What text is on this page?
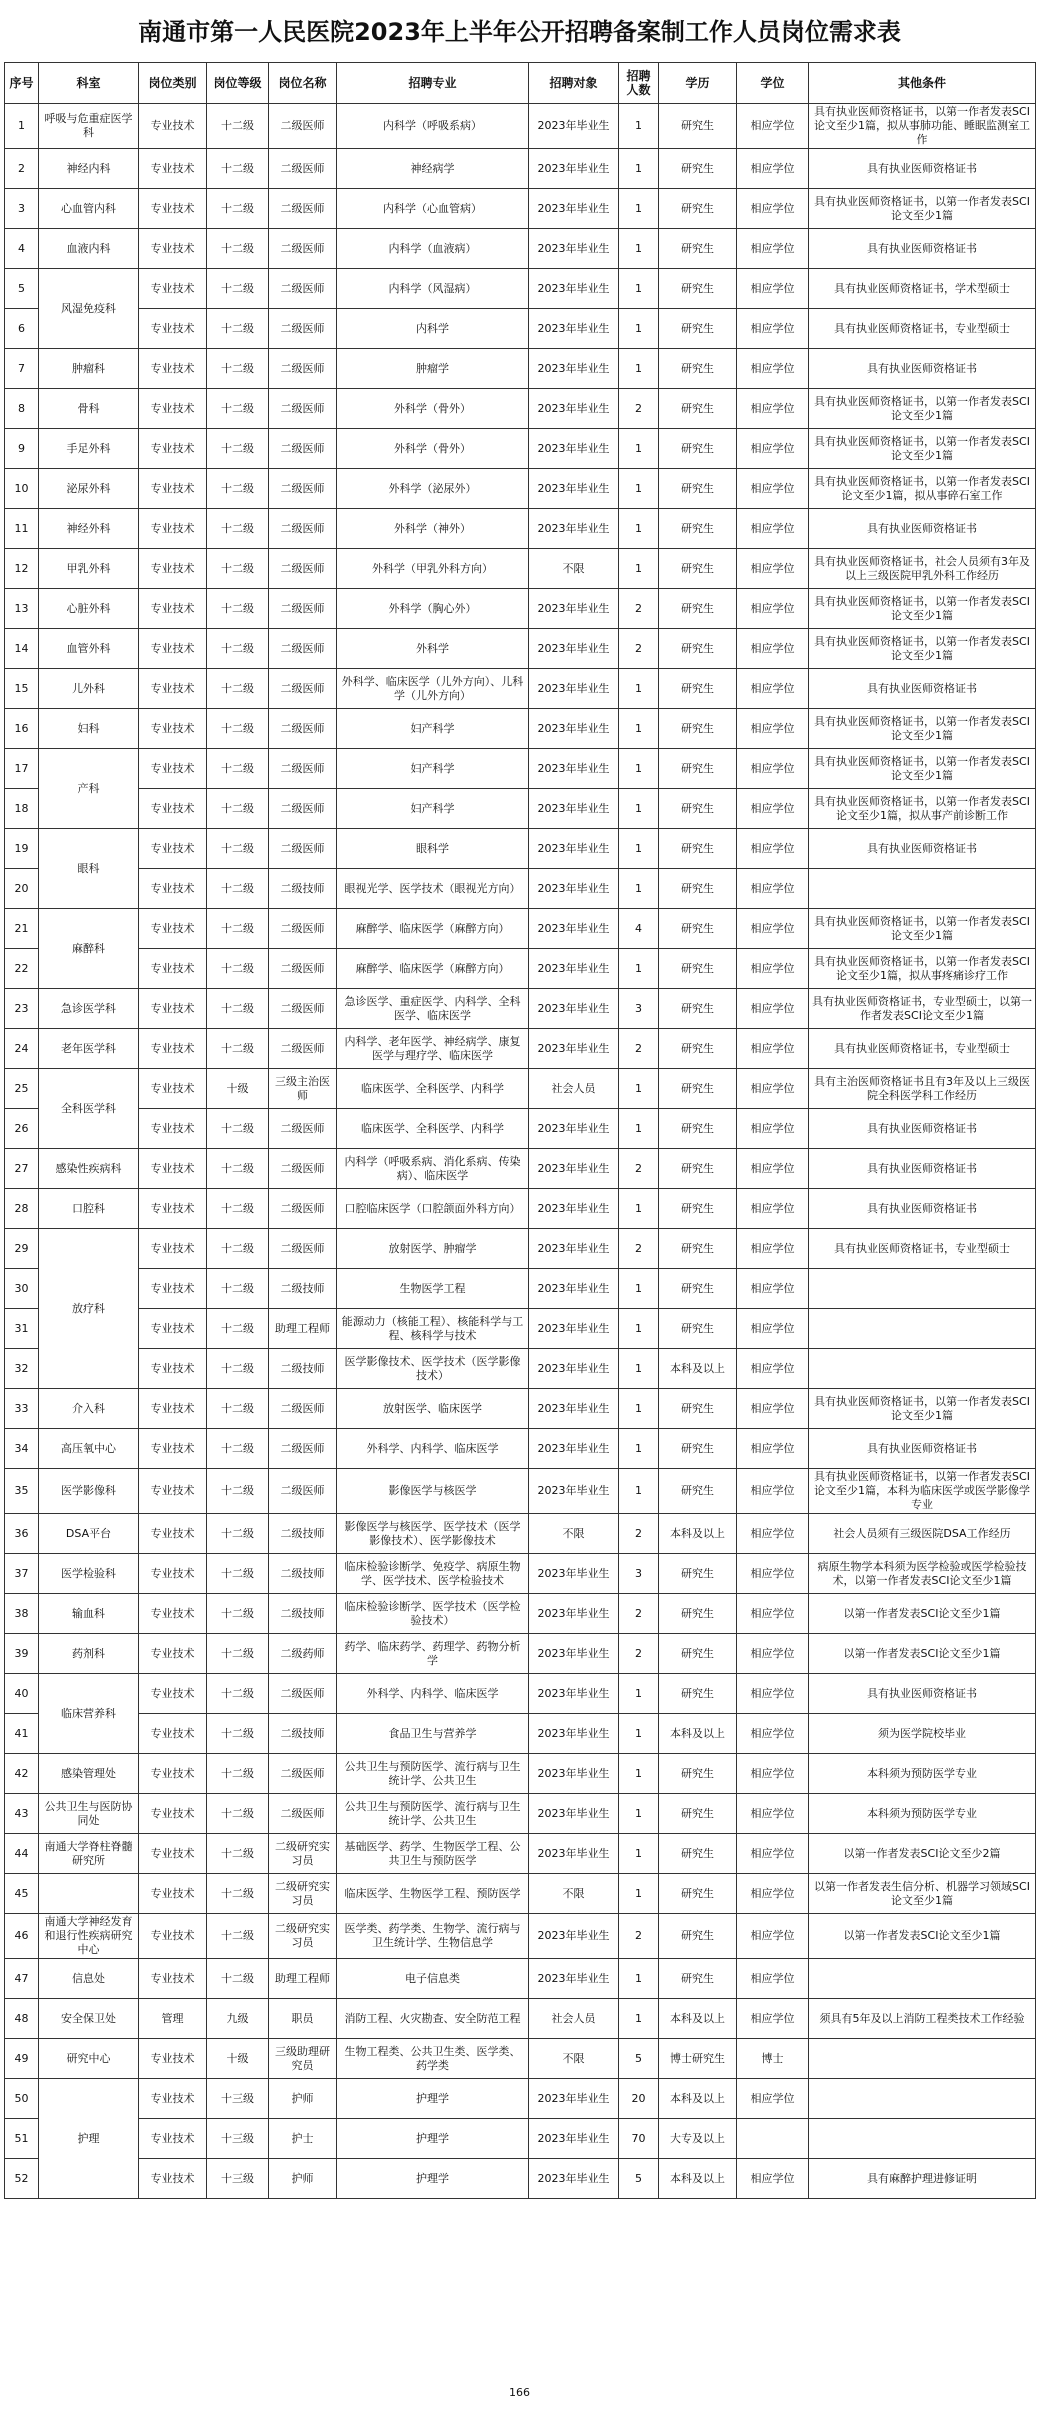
南通市第一人民医院2023年上半年公开招聘备案制工作人员岗位需求表
序号	科室	岗位类别	岗位等级	岗位名称	招聘专业	招聘对象	招聘人数	学历	学位	其他条件
1	呼吸与危重症医学科	专业技术	十二级	二级医师	内科学（呼吸系病）	2023年毕业生	1	研究生	相应学位	具有执业医师资格证书，以第一作者发表SCI论文至少1篇，拟从事肺功能、睡眠监测室工作
2	神经内科	专业技术	十二级	二级医师	神经病学	2023年毕业生	1	研究生	相应学位	具有执业医师资格证书
3	心血管内科	专业技术	十二级	二级医师	内科学（心血管病）	2023年毕业生	1	研究生	相应学位	具有执业医师资格证书，以第一作者发表SCI论文至少1篇
4	血液内科	专业技术	十二级	二级医师	内科学（血液病）	2023年毕业生	1	研究生	相应学位	具有执业医师资格证书
5	风湿免疫科	专业技术	十二级	二级医师	内科学（风湿病）	2023年毕业生	1	研究生	相应学位	具有执业医师资格证书，学术型硕士
6		专业技术	十二级	二级医师	内科学	2023年毕业生	1	研究生	相应学位	具有执业医师资格证书，专业型硕士
7	肿瘤科	专业技术	十二级	二级医师	肿瘤学	2023年毕业生	1	研究生	相应学位	具有执业医师资格证书
8	骨科	专业技术	十二级	二级医师	外科学（骨外）	2023年毕业生	2	研究生	相应学位	具有执业医师资格证书，以第一作者发表SCI论文至少1篇
9	手足外科	专业技术	十二级	二级医师	外科学（骨外）	2023年毕业生	1	研究生	相应学位	具有执业医师资格证书，以第一作者发表SCI论文至少1篇
10	泌尿外科	专业技术	十二级	二级医师	外科学（泌尿外）	2023年毕业生	1	研究生	相应学位	具有执业医师资格证书，以第一作者发表SCI论文至少1篇，拟从事碎石室工作
11	神经外科	专业技术	十二级	二级医师	外科学（神外）	2023年毕业生	1	研究生	相应学位	具有执业医师资格证书
12	甲乳外科	专业技术	十二级	二级医师	外科学（甲乳外科方向）	不限	1	研究生	相应学位	具有执业医师资格证书，社会人员须有3年及以上三级医院甲乳外科工作经历
13	心脏外科	专业技术	十二级	二级医师	外科学（胸心外）	2023年毕业生	2	研究生	相应学位	具有执业医师资格证书，以第一作者发表SCI论文至少1篇
14	血管外科	专业技术	十二级	二级医师	外科学	2023年毕业生	2	研究生	相应学位	具有执业医师资格证书，以第一作者发表SCI论文至少1篇
15	儿外科	专业技术	十二级	二级医师	外科学、临床医学（儿外方向）、儿科学（儿外方向）	2023年毕业生	1	研究生	相应学位	具有执业医师资格证书
16	妇科	专业技术	十二级	二级医师	妇产科学	2023年毕业生	1	研究生	相应学位	具有执业医师资格证书，以第一作者发表SCI论文至少1篇
17	产科	专业技术	十二级	二级医师	妇产科学	2023年毕业生	1	研究生	相应学位	具有执业医师资格证书，以第一作者发表SCI论文至少1篇
18		专业技术	十二级	二级医师	妇产科学	2023年毕业生	1	研究生	相应学位	具有执业医师资格证书，以第一作者发表SCI论文至少1篇，拟从事产前诊断工作
19	眼科	专业技术	十二级	二级医师	眼科学	2023年毕业生	1	研究生	相应学位	具有执业医师资格证书
20		专业技术	十二级	二级技师	眼视光学、医学技术（眼视光方向）	2023年毕业生	1	研究生	相应学位	
21	麻醉科	专业技术	十二级	二级医师	麻醉学、临床医学（麻醉方向）	2023年毕业生	4	研究生	相应学位	具有执业医师资格证书，以第一作者发表SCI论文至少1篇
22		专业技术	十二级	二级医师	麻醉学、临床医学（麻醉方向）	2023年毕业生	1	研究生	相应学位	具有执业医师资格证书，以第一作者发表SCI论文至少1篇，拟从事疼痛诊疗工作
23	急诊医学科	专业技术	十二级	二级医师	急诊医学、重症医学、内科学、全科医学、临床医学	2023年毕业生	3	研究生	相应学位	具有执业医师资格证书，专业型硕士，以第一作者发表SCI论文至少1篇
24	老年医学科	专业技术	十二级	二级医师	内科学、老年医学、神经病学、康复医学与理疗学、临床医学	2023年毕业生	2	研究生	相应学位	具有执业医师资格证书，专业型硕士
25	全科医学科	专业技术	十级	三级主治医师	临床医学、全科医学、内科学	社会人员	1	研究生	相应学位	具有主治医师资格证书且有3年及以上三级医院全科医学科工作经历
26		专业技术	十二级	二级医师	临床医学、全科医学、内科学	2023年毕业生	1	研究生	相应学位	具有执业医师资格证书
27	感染性疾病科	专业技术	十二级	二级医师	内科学（呼吸系病、消化系病、传染病）、临床医学	2023年毕业生	2	研究生	相应学位	具有执业医师资格证书
28	口腔科	专业技术	十二级	二级医师	口腔临床医学（口腔颌面外科方向）	2023年毕业生	1	研究生	相应学位	具有执业医师资格证书
29	放疗科	专业技术	十二级	二级医师	放射医学、肿瘤学	2023年毕业生	2	研究生	相应学位	具有执业医师资格证书，专业型硕士
30		专业技术	十二级	二级技师	生物医学工程	2023年毕业生	1	研究生	相应学位	
31		专业技术	十二级	助理工程师	能源动力（核能工程）、核能科学与工程、核科学与技术	2023年毕业生	1	研究生	相应学位	
32		专业技术	十二级	二级技师	医学影像技术、医学技术（医学影像技术）	2023年毕业生	1	本科及以上	相应学位	
33	介入科	专业技术	十二级	二级医师	放射医学、临床医学	2023年毕业生	1	研究生	相应学位	具有执业医师资格证书，以第一作者发表SCI论文至少1篇
34	高压氧中心	专业技术	十二级	二级医师	外科学、内科学、临床医学	2023年毕业生	1	研究生	相应学位	具有执业医师资格证书
35	医学影像科	专业技术	十二级	二级医师	影像医学与核医学	2023年毕业生	1	研究生	相应学位	具有执业医师资格证书，以第一作者发表SCI论文至少1篇，本科为临床医学或医学影像学专业
36	DSA平台	专业技术	十二级	二级技师	影像医学与核医学、医学技术（医学影像技术）、医学影像技术	不限	2	本科及以上	相应学位	社会人员须有三级医院DSA工作经历
37	医学检验科	专业技术	十二级	二级技师	临床检验诊断学、免疫学、病原生物学、医学技术、医学检验技术	2023年毕业生	3	研究生	相应学位	病原生物学本科须为医学检验或医学检验技术，以第一作者发表SCI论文至少1篇
38	输血科	专业技术	十二级	二级技师	临床检验诊断学、医学技术（医学检验技术）	2023年毕业生	2	研究生	相应学位	以第一作者发表SCI论文至少1篇
39	药剂科	专业技术	十二级	二级药师	药学、临床药学、药理学、药物分析学	2023年毕业生	2	研究生	相应学位	以第一作者发表SCI论文至少1篇
40	临床营养科	专业技术	十二级	二级医师	外科学、内科学、临床医学	2023年毕业生	1	研究生	相应学位	具有执业医师资格证书
41		专业技术	十二级	二级技师	食品卫生与营养学	2023年毕业生	1	本科及以上	相应学位	须为医学院校毕业
42	感染管理处	专业技术	十二级	二级医师	公共卫生与预防医学、流行病与卫生统计学、公共卫生	2023年毕业生	1	研究生	相应学位	本科须为预防医学专业
43	公共卫生与医防协同处	专业技术	十二级	二级医师	公共卫生与预防医学、流行病与卫生统计学、公共卫生	2023年毕业生	1	研究生	相应学位	本科须为预防医学专业
44	南通大学脊柱脊髓研究所	专业技术	十二级	二级研究实习员	基础医学、药学、生物医学工程、公共卫生与预防医学	2023年毕业生	1	研究生	相应学位	以第一作者发表SCI论文至少2篇
45		专业技术	十二级	二级研究实习员	临床医学、生物医学工程、预防医学	不限	1	研究生	相应学位	以第一作者发表生信分析、机器学习领域SCI论文至少1篇
46	南通大学神经发育和退行性疾病研究中心	专业技术	十二级	二级研究实习员	医学类、药学类、生物学、流行病与卫生统计学、生物信息学	2023年毕业生	2	研究生	相应学位	以第一作者发表SCI论文至少1篇
47	信息处	专业技术	十二级	助理工程师	电子信息类	2023年毕业生	1	研究生	相应学位	
48	安全保卫处	管理	九级	职员	消防工程、火灾勘查、安全防范工程	社会人员	1	本科及以上	相应学位	须具有5年及以上消防工程类技术工作经验
49	研究中心	专业技术	十级	三级助理研究员	生物工程类、公共卫生类、医学类、药学类	不限	5	博士研究生	博士	
50	护理	专业技术	十三级	护师	护理学	2023年毕业生	20	本科及以上	相应学位	
51		专业技术	十三级	护士	护理学	2023年毕业生	70	大专及以上		
52		专业技术	十三级	护师	护理学	2023年毕业生	5	本科及以上	相应学位	具有麻醉护理进修证明
166
